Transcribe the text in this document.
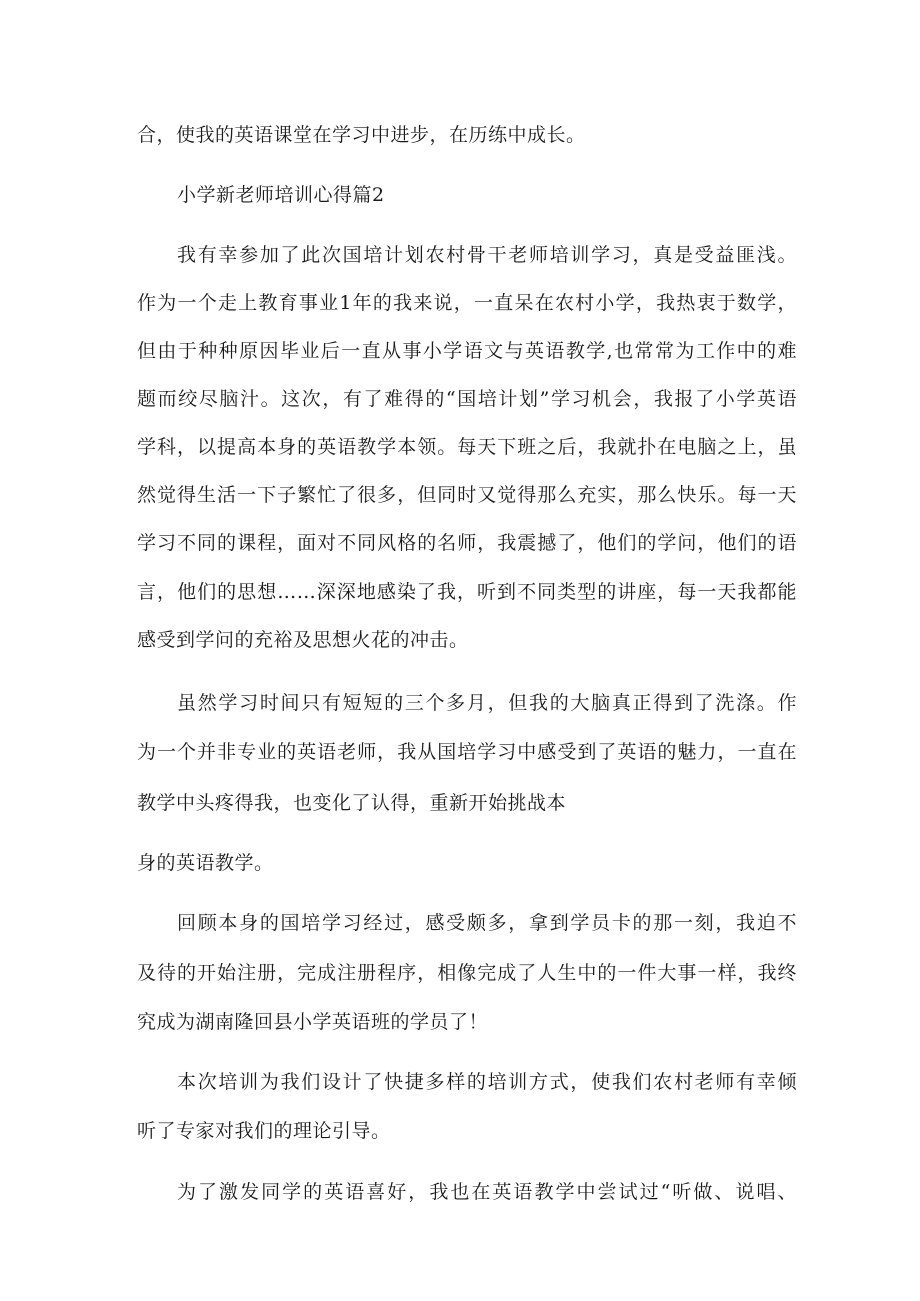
合，使我的英语课堂在学习中进步，在历练中成长。
小学新老师培训心得篇2
我有幸参加了此次国培计划农村骨干老师培训学习，真是受益匪浅。
作为一个走上教育事业1年的我来说，一直呆在农村小学，我热衷于数学，
但由于种种原因毕业后一直从事小学语文与英语教学,也常常为工作中的难
题而绞尽脑汁。这次，有了难得的“国培计划”学习机会，我报了小学英语
学科，以提高本身的英语教学本领。每天下班之后，我就扑在电脑之上，虽
然觉得生活一下子繁忙了很多，但同时又觉得那么充实，那么快乐。每一天
学习不同的课程，面对不同风格的名师，我震撼了，他们的学问，他们的语
言，他们的思想……深深地感染了我，听到不同类型的讲座，每一天我都能
感受到学问的充裕及思想火花的冲击。
虽然学习时间只有短短的三个多月，但我的大脑真正得到了洗涤。作
为一个并非专业的英语老师，我从国培学习中感受到了英语的魅力，一直在
教学中头疼得我，也变化了认得，重新开始挑战本
身的英语教学。
回顾本身的国培学习经过，感受颇多，拿到学员卡的那一刻，我迫不
及待的开始注册，完成注册程序，相像完成了人生中的一件大事一样，我终
究成为湖南隆回县小学英语班的学员了！
本次培训为我们设计了快捷多样的培训方式，使我们农村老师有幸倾
听了专家对我们的理论引导。
为了激发同学的英语喜好，我也在英语教学中尝试过“听做、说唱、
